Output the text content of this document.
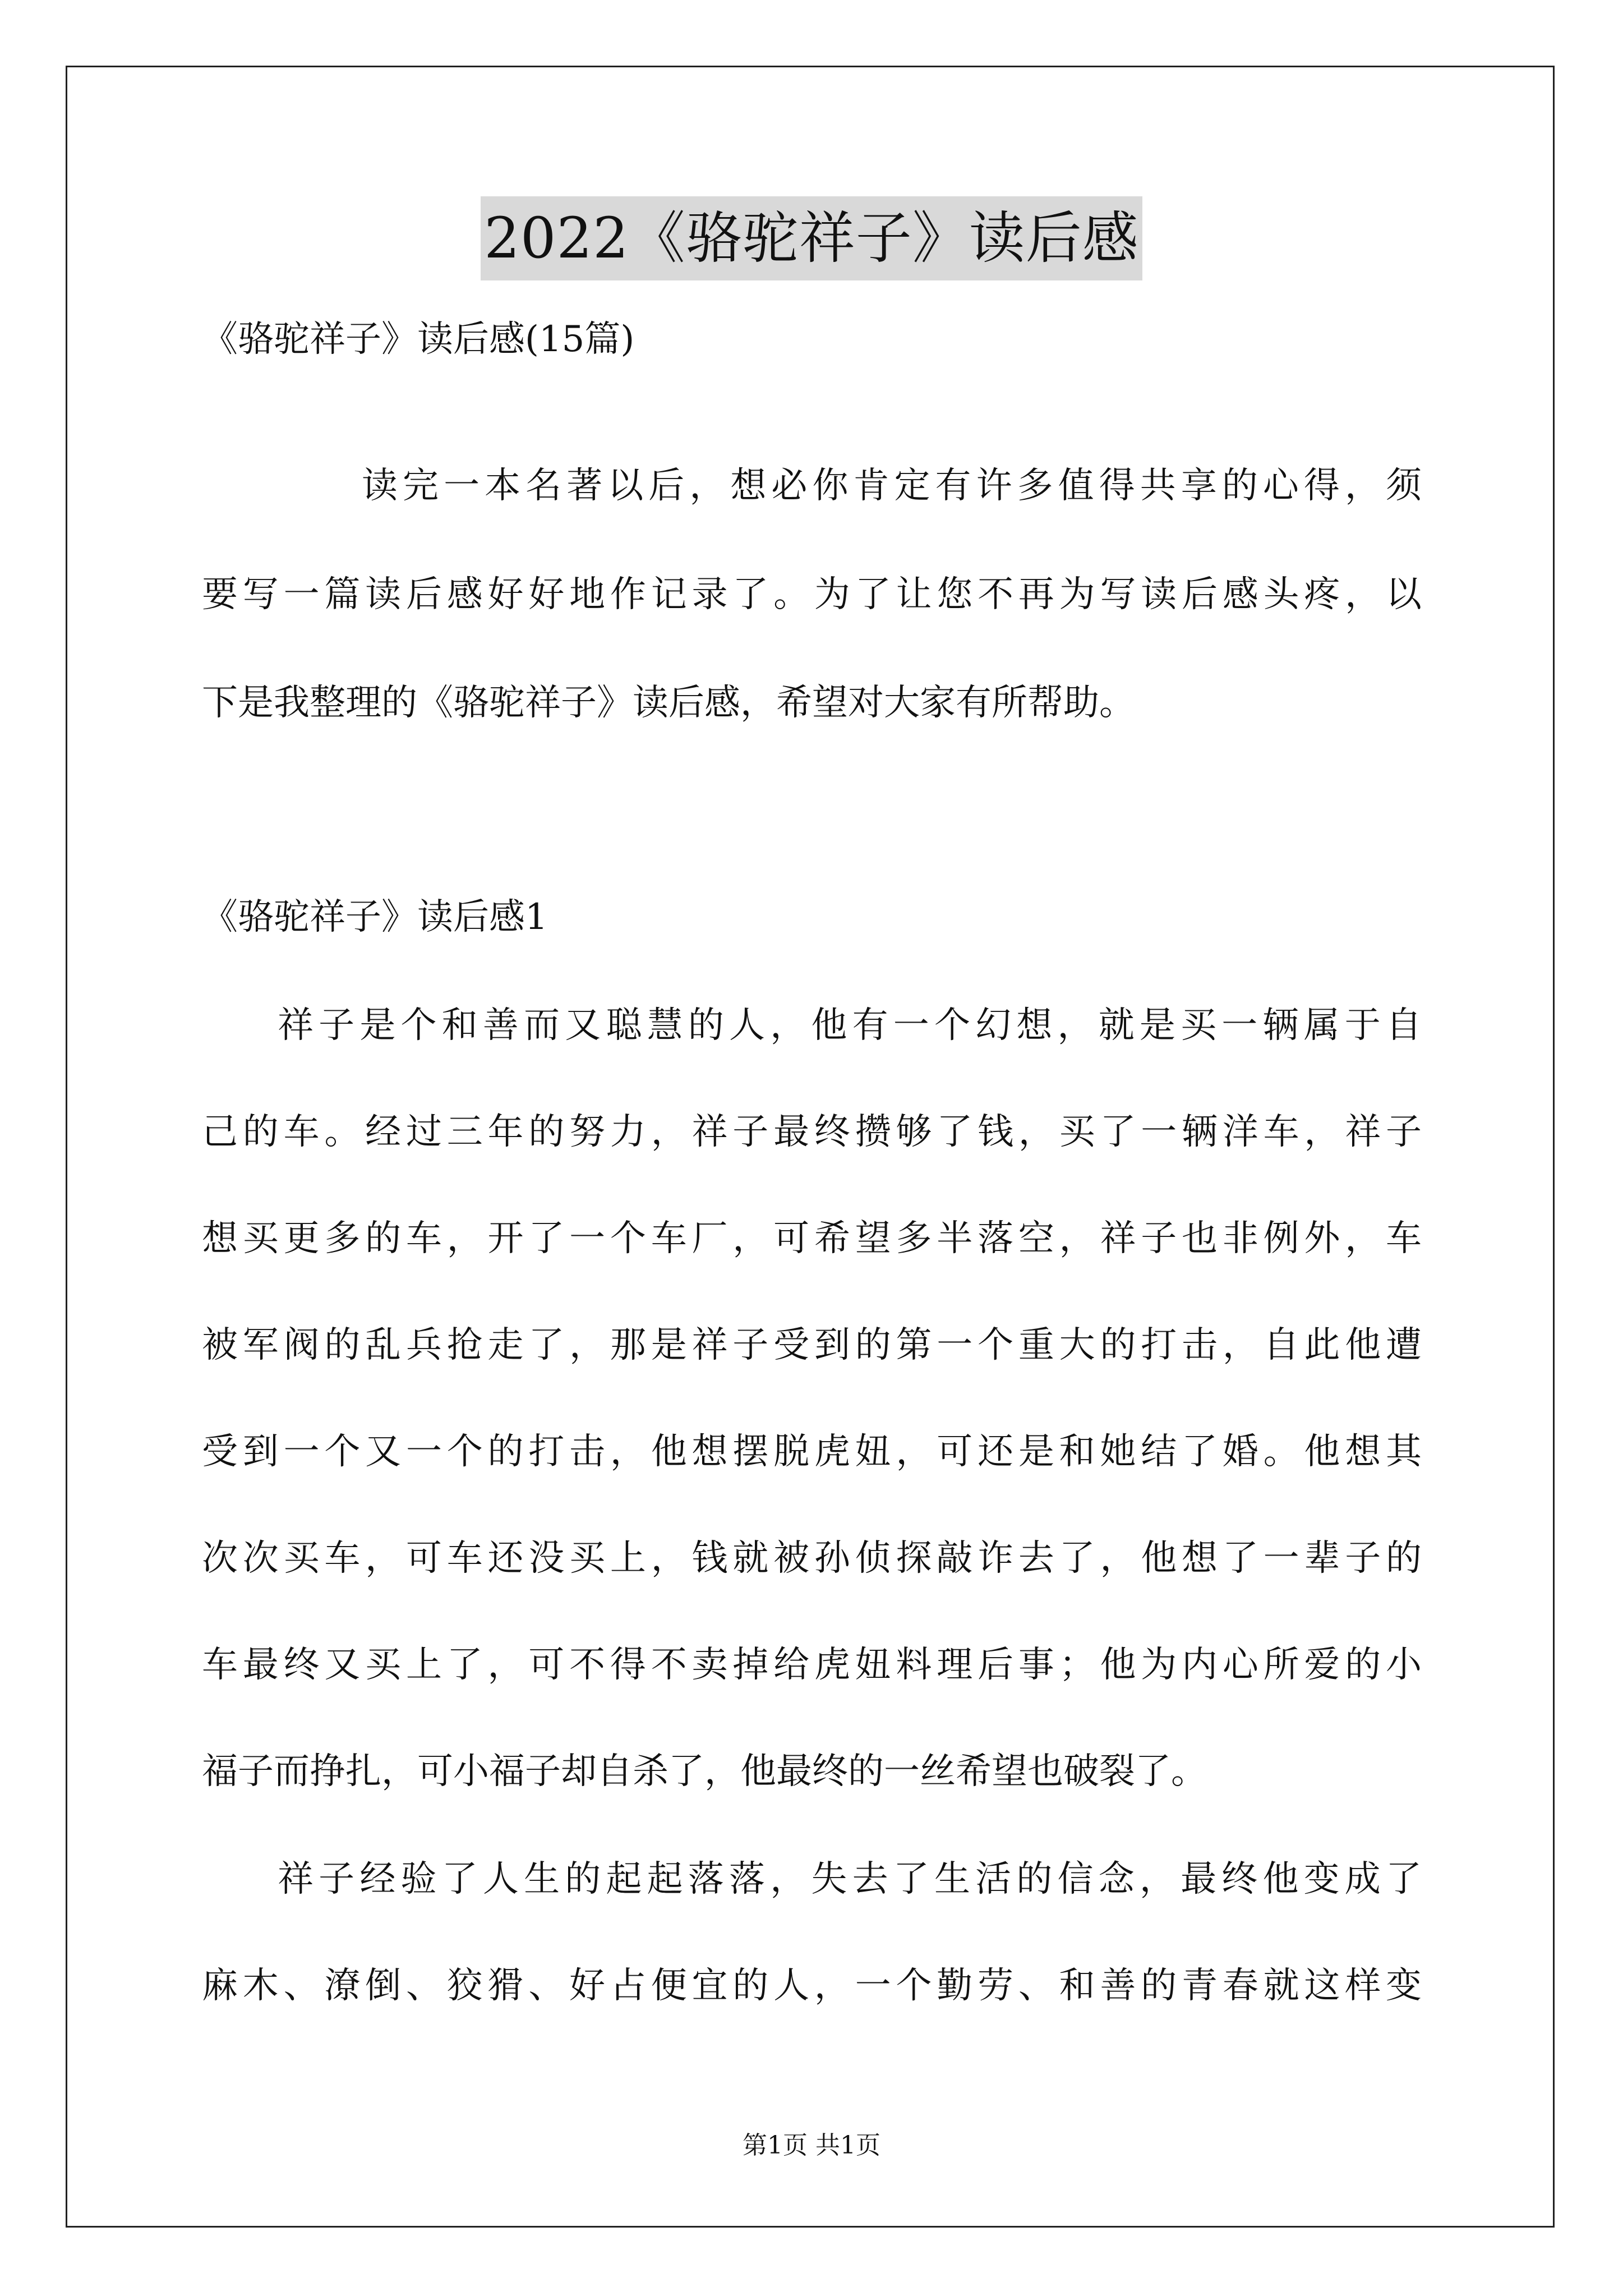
2022《骆驼祥子》读后感
《骆驼祥子》读后感(15篇)
读完一本名著以后，想必你肯定有许多值得共享的心得，须
要写一篇读后感好好地作记录了。为了让您不再为写读后感头疼，以
下是我整理的《骆驼祥子》读后感，希望对大家有所帮助。
《骆驼祥子》读后感1
祥子是个和善而又聪慧的人，他有一个幻想，就是买一辆属于自
己的车。经过三年的努力，祥子最终攒够了钱，买了一辆洋车，祥子
想买更多的车，开了一个车厂，可希望多半落空，祥子也非例外，车
被军阀的乱兵抢走了，那是祥子受到的第一个重大的打击，自此他遭
受到一个又一个的打击，他想摆脱虎妞，可还是和她结了婚。他想其
次次买车，可车还没买上，钱就被孙侦探敲诈去了，他想了一辈子的
车最终又买上了，可不得不卖掉给虎妞料理后事；他为内心所爱的小
福子而挣扎，可小福子却自杀了，他最终的一丝希望也破裂了。
祥子经验了人生的起起落落，失去了生活的信念，最终他变成了
麻木、潦倒、狡猾、好占便宜的人，一个勤劳、和善的青春就这样变
第1页 共1页
